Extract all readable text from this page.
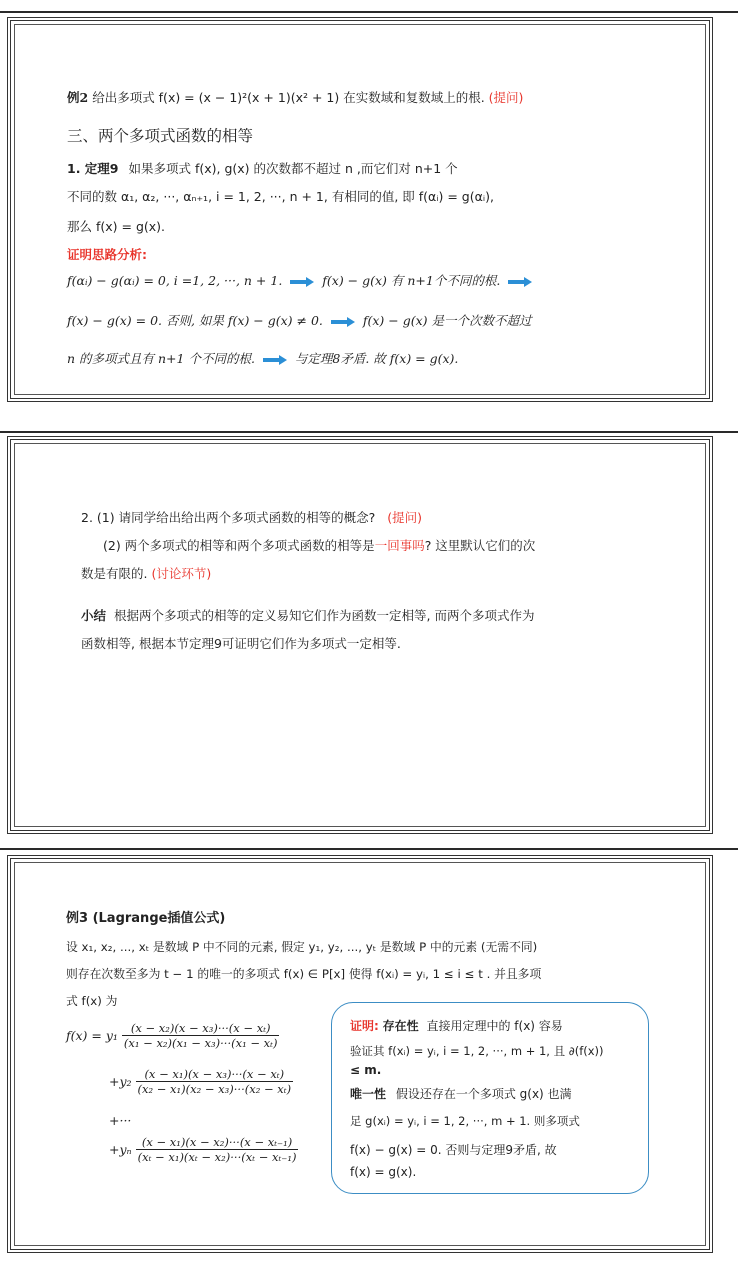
例2 给出多项式 f(x) = (x − 1)²(x + 1)(x² + 1) 在实数域和复数域上的根. (提问)
三、两个多项式函数的相等
1. 定理9 如果多项式 f(x), g(x) 的次数都不超过 n ,而它们对 n+1 个
不同的数 α₁, α₂, ···, αₙ₊₁, i = 1, 2, ···, n + 1, 有相同的值, 即 f(αᵢ) = g(αᵢ),
那么 f(x) = g(x).
证明思路分析:
f(αᵢ) − g(αᵢ) = 0, i =1, 2, ···, n + 1.	f(x) − g(x) 有 n+1个不同的根.
f(x) − g(x) = 0. 否则, 如果 f(x) − g(x) ≠ 0.	f(x) − g(x) 是一个次数不超过
n 的多项式且有 n+1 个不同的根.	与定理8矛盾. 故 f(x) = g(x).
2. (1) 请同学给出给出两个多项式函数的相等的概念? (提问)
(2) 两个多项式的相等和两个多项式函数的相等是一回事吗? 这里默认它们的次
数是有限的. (讨论环节)
小结 根据两个多项式的相等的定义易知它们作为函数一定相等, 而两个多项式作为
函数相等, 根据本节定理9可证明它们作为多项式一定相等.
例3 (Lagrange插值公式)
设 x₁, x₂, ..., xₜ 是数域 P 中不同的元素, 假定 y₁, y₂, ..., yₜ 是数域 P 中的元素 (无需不同)
则存在次数至多为 t − 1 的唯一的多项式 f(x) ∈ P[x] 使得 f(xᵢ) = yᵢ, 1 ≤ i ≤ t . 并且多项
式 f(x) 为
$f(x) = y_1 \frac{\text{(x − x₂)(x − x₃)···(x − xₜ)}}{\text{(x₁ − x₂)(x₁ − x₃)···(x₁ − xₜ)}}$
$+y_2 \frac{\text{(x − x₁)(x − x₃)···(x − xₜ)}}{\text{(x₂ − x₁)(x₂ − x₃)···(x₂ − xₜ)}}$
+···
$+y_n \frac{\text{(x − x₁)(x − x₂)···(x − xₜ₋₁)}}{\text{(xₜ − x₁)(xₜ − x₂)···(xₜ − xₜ₋₁)}}$
证明: 存在性 直接用定理中的 f(x) 容易
验证其 f(xᵢ) = yᵢ, i = 1, 2, ···, m + 1, 且 ∂(f(x))
≤ m.
唯一性 假设还存在一个多项式 g(x) 也满
足 g(xᵢ) = yᵢ, i = 1, 2, ···, m + 1. 则多项式
f(x) − g(x) = 0. 否则与定理9矛盾, 故
f(x) = g(x).
